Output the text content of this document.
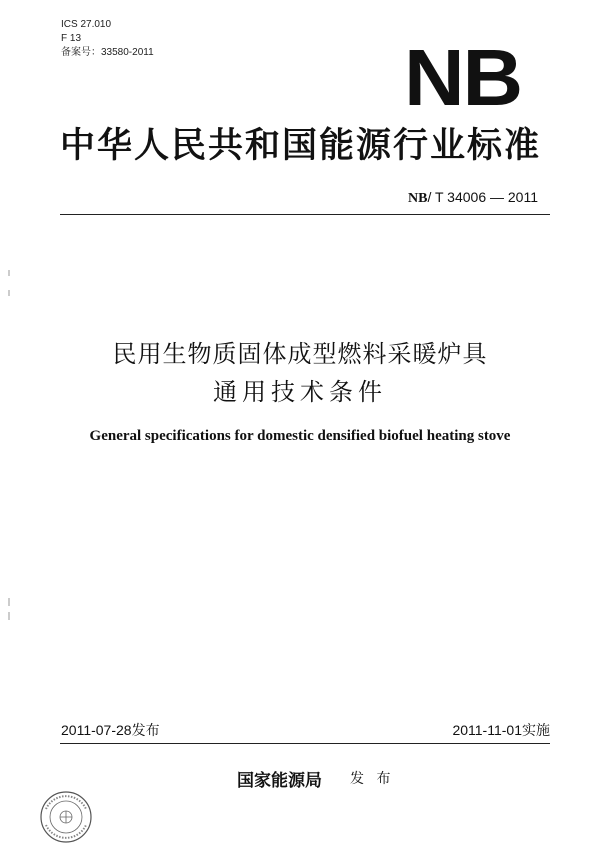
ICS 27.010
F 13
备案号：33580-2011	NB
中华人民共和国能源行业标准
NB/ T 34006 — 2011
民用生物质固体成型燃料采暖炉具
通用技术条件
General specifications for domestic densified biofuel heating stove
2011-07-28发布	2011-11-01实施
国家能源局 发 布
